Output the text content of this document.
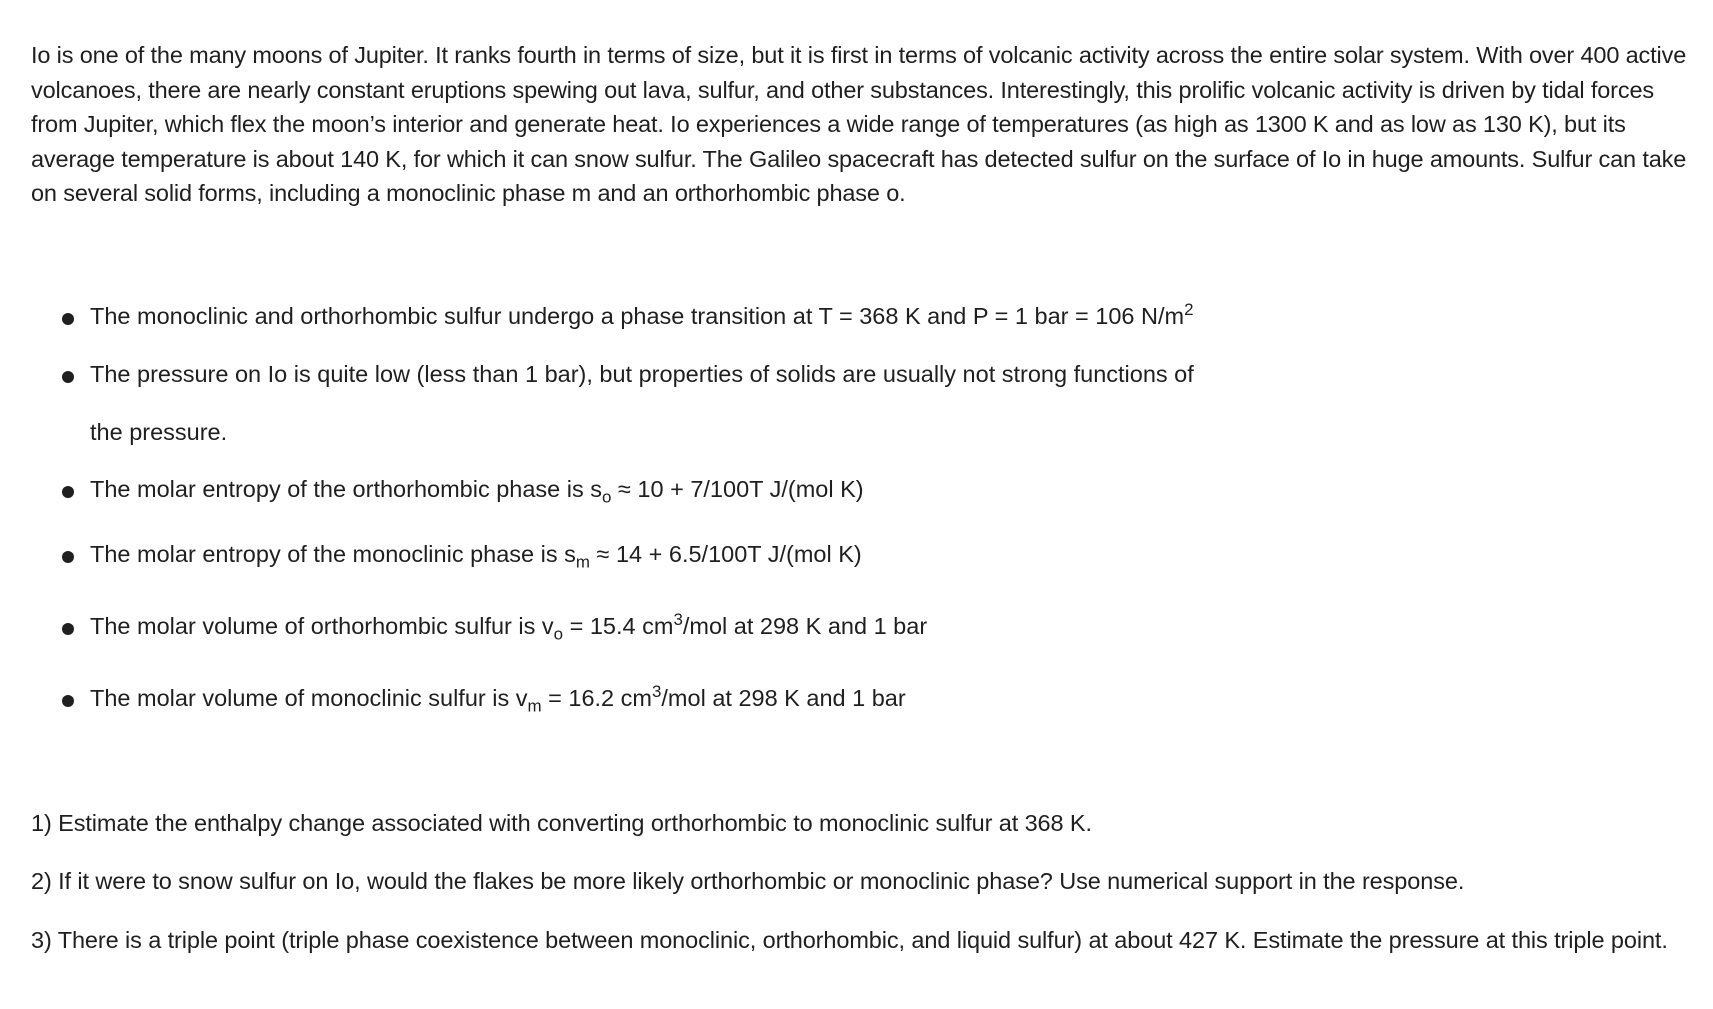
Io is one of the many moons of Jupiter. It ranks fourth in terms of size, but it is first in terms of volcanic activity across the entire solar system. With over 400 active volcanoes, there are nearly constant eruptions spewing out lava, sulfur, and other substances. Interestingly, this prolific volcanic activity is driven by tidal forces from Jupiter, which flex the moon’s interior and generate heat. Io experiences a wide range of temperatures (as high as 1300 K and as low as 130 K), but its average temperature is about 140 K, for which it can snow sulfur. The Galileo spacecraft has detected sulfur on the surface of Io in huge amounts. Sulfur can take on several solid forms, including a monoclinic phase m and an orthorhombic phase o.

The monoclinic and orthorhombic sulfur undergo a phase transition at T = 368 K and P = 1 bar = 106 $N/m^2$
The pressure on Io is quite low (less than 1 bar), but properties of solids are usually not strong functions of
the pressure.
The molar entropy of the orthorhombic phase is $s_o \approx 10 + 7/100T$ J/(mol K)
The molar entropy of the monoclinic phase is $s_m \approx 14 + 6.5/100T$ J/(mol K)
The molar volume of orthorhombic sulfur is $v_o = 15.4$ $cm^3$/mol at 298 K and 1 bar
The molar volume of monoclinic sulfur is $v_m = 16.2$ $cm^3$/mol at 298 K and 1 bar

1) Estimate the enthalpy change associated with converting orthorhombic to monoclinic sulfur at 368 K.

2) If it were to snow sulfur on Io, would the flakes be more likely orthorhombic or monoclinic phase? Use numerical support in the response.

3) There is a triple point (triple phase coexistence between monoclinic, orthorhombic, and liquid sulfur) at about 427 K. Estimate the pressure at this triple point.
